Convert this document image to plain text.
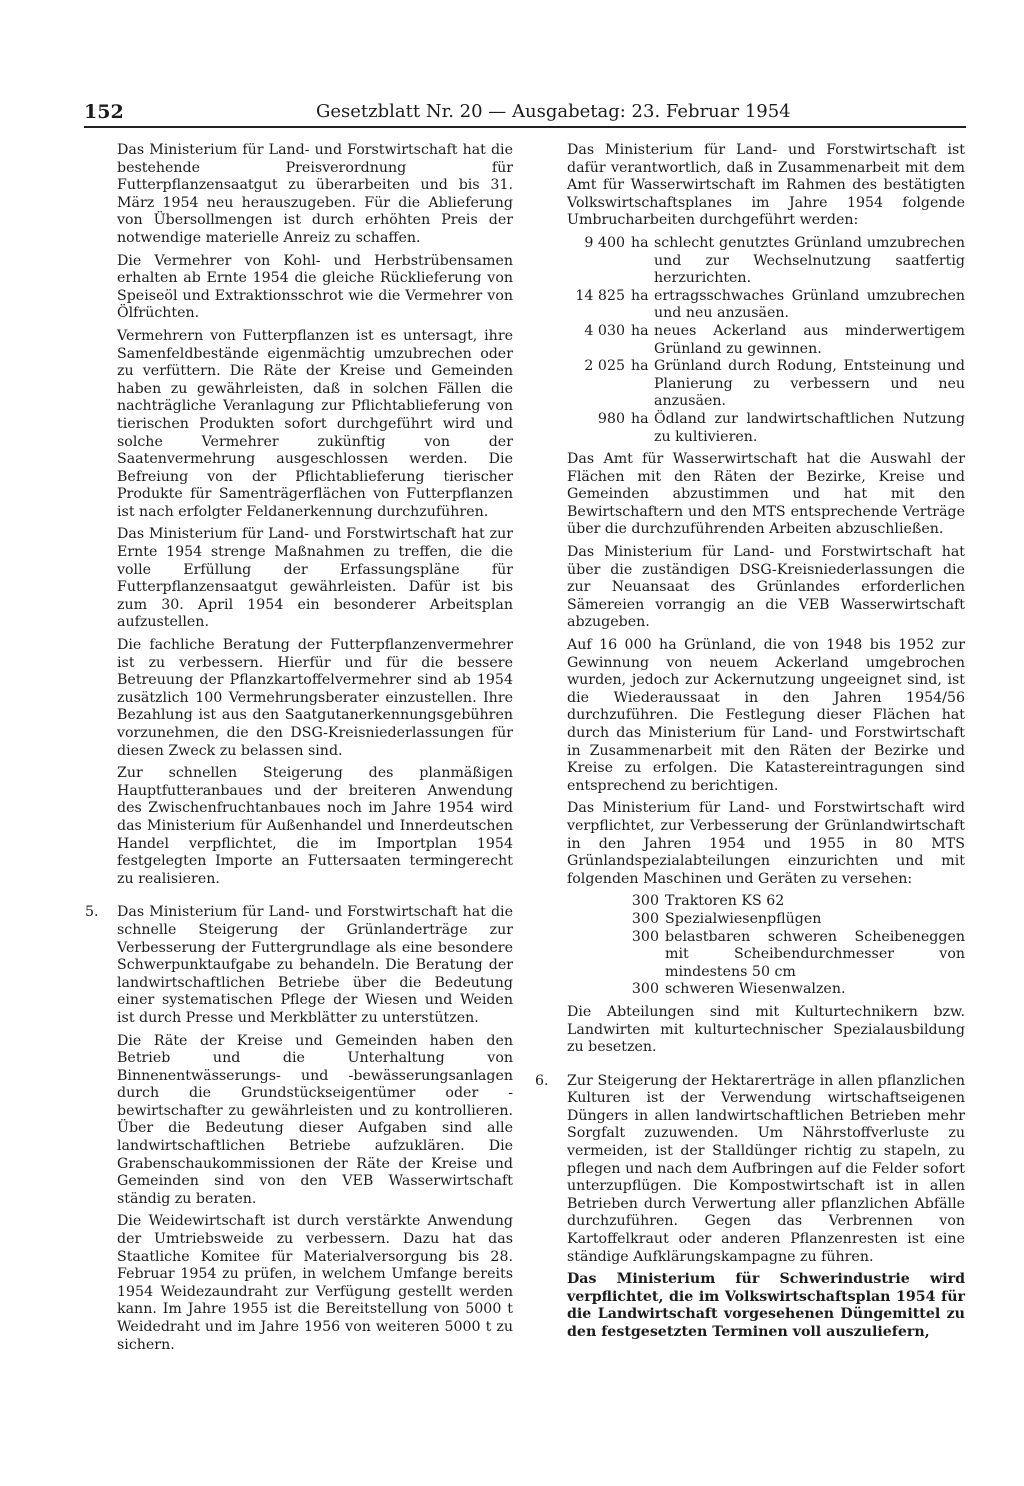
152	Gesetzblatt Nr. 20 — Ausgabetag: 23. Februar 1954

Das Ministerium für Land- und Forstwirtschaft hat die bestehende Preisverordnung für Futterpflanzensaatgut zu überarbeiten und bis 31. März 1954 neu herauszugeben. Für die Ablieferung von Übersollmengen ist durch erhöhten Preis der notwendige materielle Anreiz zu schaffen.

Die Vermehrer von Kohl- und Herbstrübensamen erhalten ab Ernte 1954 die gleiche Rücklieferung von Speiseöl und Extraktionsschrot wie die Vermehrer von Ölfrüchten.

Vermehrern von Futterpflanzen ist es untersagt, ihre Samenfeldbestände eigenmächtig umzubrechen oder zu verfüttern. Die Räte der Kreise und Gemeinden haben zu gewährleisten, daß in solchen Fällen die nachträgliche Veranlagung zur Pflichtablieferung von tierischen Produkten sofort durchgeführt wird und solche Vermehrer zukünftig von der Saatenvermehrung ausgeschlossen werden. Die Befreiung von der Pflichtablieferung tierischer Produkte für Samenträgerflächen von Futterpflanzen ist nach erfolgter Feldanerkennung durchzuführen.

Das Ministerium für Land- und Forstwirtschaft hat zur Ernte 1954 strenge Maßnahmen zu treffen, die die volle Erfüllung der Erfassungspläne für Futterpflanzensaatgut gewährleisten. Dafür ist bis zum 30. April 1954 ein besonderer Arbeitsplan aufzustellen.

Die fachliche Beratung der Futterpflanzenvermehrer ist zu verbessern. Hierfür und für die bessere Betreuung der Pflanzkartoffelvermehrer sind ab 1954 zusätzlich 100 Vermehrungsberater einzustellen. Ihre Bezahlung ist aus den Saatgutanerkennungsgebühren vorzunehmen, die den DSG-Kreisniederlassungen für diesen Zweck zu belassen sind.

Zur schnellen Steigerung des planmäßigen Hauptfutteranbaues und der breiteren Anwendung des Zwischenfruchtanbaues noch im Jahre 1954 wird das Ministerium für Außenhandel und Innerdeutschen Handel verpflichtet, die im Importplan 1954 festgelegten Importe an Futtersaaten termingerecht zu realisieren.

5. Das Ministerium für Land- und Forstwirtschaft hat die schnelle Steigerung der Grünlanderträge zur Verbesserung der Futtergrundlage als eine besondere Schwerpunktaufgabe zu behandeln. Die Beratung der landwirtschaftlichen Betriebe über die Bedeutung einer systematischen Pflege der Wiesen und Weiden ist durch Presse und Merkblätter zu unterstützen.

Die Räte der Kreise und Gemeinden haben den Betrieb und die Unterhaltung von Binnenentwässerungs- und -bewässerungsanlagen durch die Grundstückseigentümer oder -bewirtschafter zu gewährleisten und zu kontrollieren. Über die Bedeutung dieser Aufgaben sind alle landwirtschaftlichen Betriebe aufzuklären. Die Grabenschaukommissionen der Räte der Kreise und Gemeinden sind von den VEB Wasserwirtschaft ständig zu beraten.

Die Weidewirtschaft ist durch verstärkte Anwendung der Umtriebsweide zu verbessern. Dazu hat das Staatliche Komitee für Materialversorgung bis 28. Februar 1954 zu prüfen, in welchem Umfange bereits 1954 Weidezaundraht zur Verfügung gestellt werden kann. Im Jahre 1955 ist die Bereitstellung von 5000 t Weidedraht und im Jahre 1956 von weiteren 5000 t zu sichern.

Das Ministerium für Land- und Forstwirtschaft ist dafür verantwortlich, daß in Zusammenarbeit mit dem Amt für Wasserwirtschaft im Rahmen des bestätigten Volkswirtschaftsplanes im Jahre 1954 folgende Umbrucharbeiten durchgeführt werden:

9 400 ha schlecht genutztes Grünland umzubrechen und zur Wechselnutzung saatfertig herzurichten.
14 825 ha ertragsschwaches Grünland umzubrechen und neu anzusäen.
4 030 ha neues Ackerland aus minderwertigem Grünland zu gewinnen.
2 025 ha Grünland durch Rodung, Entsteinung und Planierung zu verbessern und neu anzusäen.
980 ha Ödland zur landwirtschaftlichen Nutzung zu kultivieren.

Das Amt für Wasserwirtschaft hat die Auswahl der Flächen mit den Räten der Bezirke, Kreise und Gemeinden abzustimmen und hat mit den Bewirtschaftern und den MTS entsprechende Verträge über die durchzuführenden Arbeiten abzuschließen.

Das Ministerium für Land- und Forstwirtschaft hat über die zuständigen DSG-Kreisniederlassungen die zur Neuansaat des Grünlandes erforderlichen Sämereien vorrangig an die VEB Wasserwirtschaft abzugeben.

Auf 16 000 ha Grünland, die von 1948 bis 1952 zur Gewinnung von neuem Ackerland umgebrochen wurden, jedoch zur Ackernutzung ungeeignet sind, ist die Wiederaussaat in den Jahren 1954/56 durchzuführen. Die Festlegung dieser Flächen hat durch das Ministerium für Land- und Forstwirtschaft in Zusammenarbeit mit den Räten der Bezirke und Kreise zu erfolgen. Die Katastereintragungen sind entsprechend zu berichtigen.

Das Ministerium für Land- und Forstwirtschaft wird verpflichtet, zur Verbesserung der Grünlandwirtschaft in den Jahren 1954 und 1955 in 80 MTS Grünlandspezialabteilungen einzurichten und mit folgenden Maschinen und Geräten zu versehen:

300 Traktoren KS 62
300 Spezialwiesenpflügen
300 belastbaren schweren Scheibeneggen mit Scheibendurchmesser von mindestens 50 cm
300 schweren Wiesenwalzen.

Die Abteilungen sind mit Kulturtechnikern bzw. Landwirten mit kulturtechnischer Spezialausbildung zu besetzen.

6. Zur Steigerung der Hektarerträge in allen pflanzlichen Kulturen ist der Verwendung wirtschaftseigenen Düngers in allen landwirtschaftlichen Betrieben mehr Sorgfalt zuzuwenden. Um Nährstoffverluste zu vermeiden, ist der Stalldünger richtig zu stapeln, zu pflegen und nach dem Aufbringen auf die Felder sofort unterzupflügen. Die Kompostwirtschaft ist in allen Betrieben durch Verwertung aller pflanzlichen Abfälle durchzuführen. Gegen das Verbrennen von Kartoffelkraut oder anderen Pflanzenresten ist eine ständige Aufklärungskampagne zu führen.

Das Ministerium für Schwerindustrie wird verpflichtet, die im Volkswirtschaftsplan 1954 für die Landwirtschaft vorgesehenen Düngemittel zu den festgesetzten Terminen voll auszuliefern,
